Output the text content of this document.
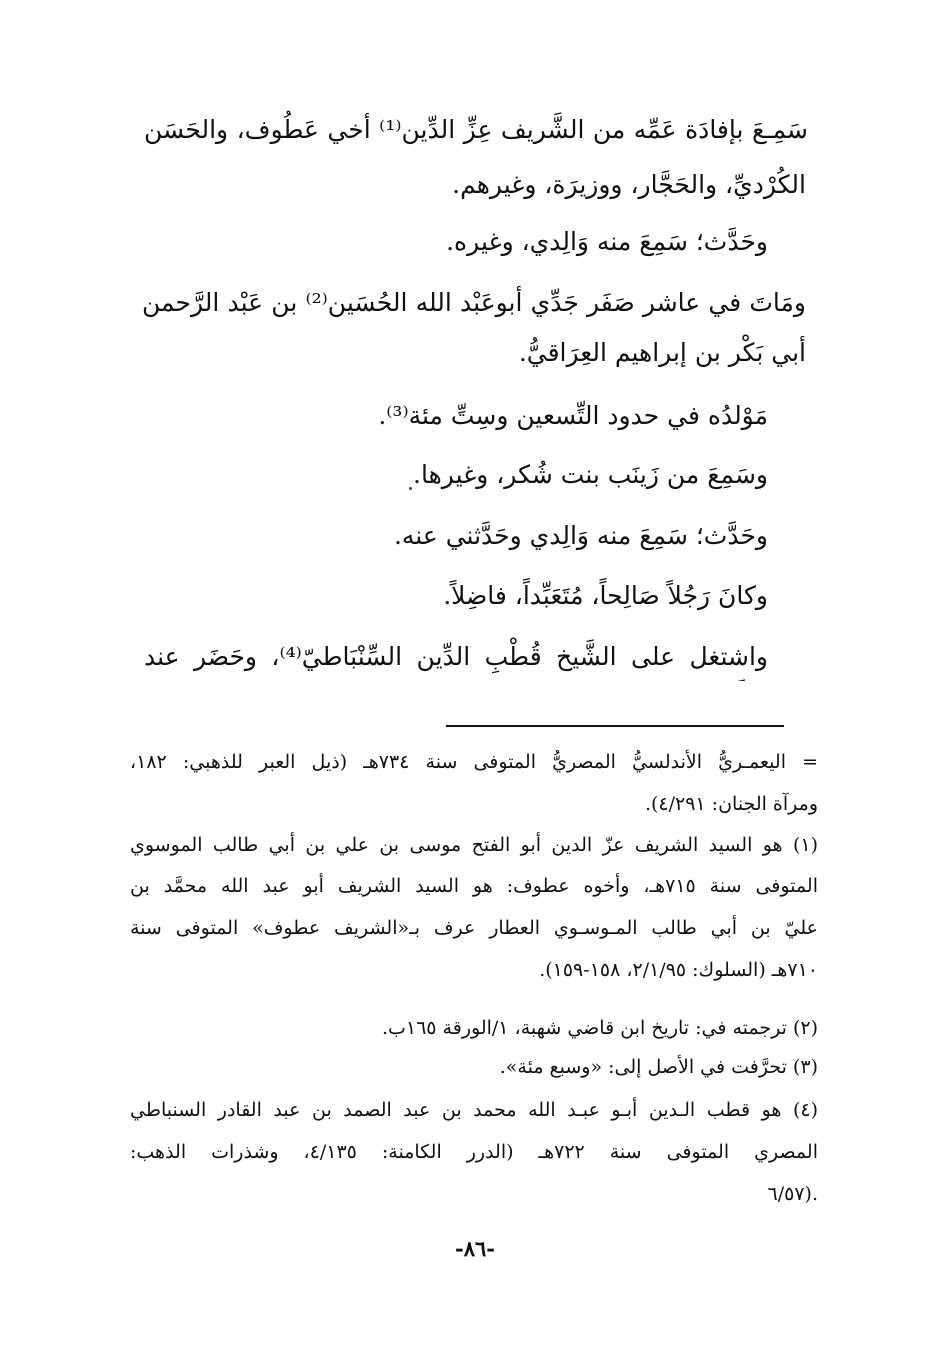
سَمِـعَ بإفادَة عَمِّه من الشَّريف عِزِّ الدِّين⁽¹⁾ أخي عَطُوف، والحَسَن
الكُرْديِّ، والحَجَّار، ووزيرَة، وغيرهم.
وحَدَّث؛ سَمِعَ منه وَالِدي، وغيره.
ومَاتَ في عاشر صَفَر جَدِّي أبوعَبْد الله الحُسَين⁽²⁾ بن عَبْد الرَّحمن
أبي بَكْر بن إبراهيم العِرَاقيُّ.
مَوْلدُه في حدود التِّسعين وسِتِّ مئة⁽³⁾.
وسَمِعَ من زَينَب بنت شُكر، وغيرها.
وحَدَّث؛ سَمِعَ منه وَالِدي وحَدَّثني عنه.
وكانَ رَجُلاً صَالِحاً، مُتَعَبِّداً، فاضِلاً.
واشتغل على الشَّيخ قُطْبِ الدِّين السِّنْبَاطيّ⁽⁴⁾، وحَضَر عند
= اليعمـريُّ الأندلسيُّ المصريُّ المتوفى سنة ٧٣٤هـ (ذيل العبر للذهبي: ١٨٢،
ومرآة الجنان: ٤/٢٩١).
(١) هو السيد الشريف عزّ الدين أبو الفتح موسى بن علي بن أبي طالب الموسوي
المتوفى سنة ٧١٥هـ، وأخوه عطوف: هو السيد الشريف أبو عبد الله محمَّد بن
عليّ بن أبي طالب المـوسـوي العطار عرف بـ«الشريف عطوف» المتوفى سنة
٧١٠هـ (السلوك: ٢/١/٩٥، ١٥٨-١٥٩).
(٢) ترجمته في: تاريخ ابن قاضي شهبة، ١/الورقة ١٦٥ب.
(٣) تحرَّفت في الأصل إلى: «وسبع مئة».
(٤) هو قطب الـدين أبـو عبـد الله محمد بن عبد الصمد بن عبد القادر السنباطي
المصري المتوفى سنة ٧٢٢هـ (الدرر الكامنة: ٤/١٣٥، وشذرات الذهب:
٦/٥٧).
-٨٦-
